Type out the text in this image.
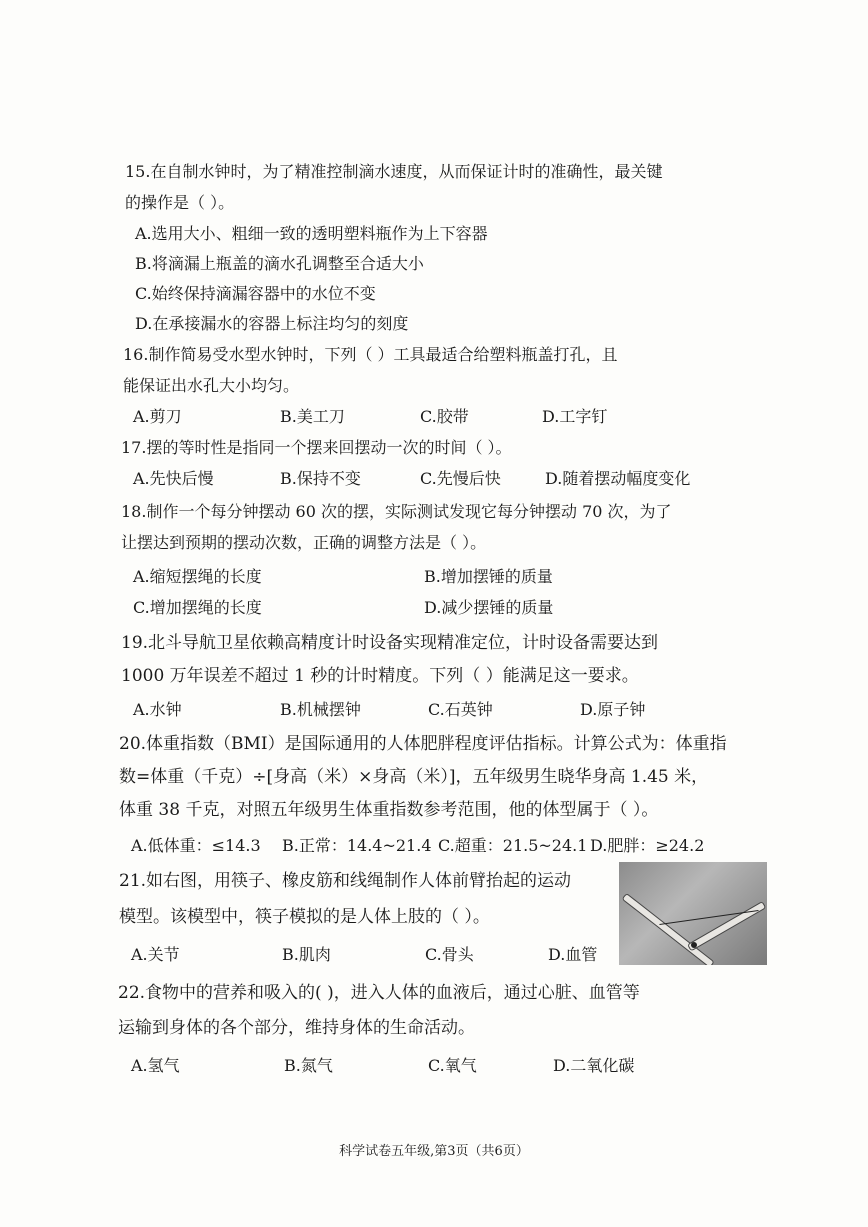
15.在自制水钟时，为了精准控制滴水速度，从而保证计时的准确性，最关键
的操作是（ ）。
A.选用大小、粗细一致的透明塑料瓶作为上下容器
B.将滴漏上瓶盖的滴水孔调整至合适大小
C.始终保持滴漏容器中的水位不变
D.在承接漏水的容器上标注均匀的刻度
16.制作简易受水型水钟时，下列（ ）工具最适合给塑料瓶盖打孔，且
能保证出水孔大小均匀。
A.剪刀	B.美工刀	C.胶带	D.工字钉
17.摆的等时性是指同一个摆来回摆动一次的时间（ ）。
A.先快后慢	B.保持不变	C.先慢后快	D.随着摆动幅度变化
18.制作一个每分钟摆动 60 次的摆，实际测试发现它每分钟摆动 70 次，为了
让摆达到预期的摆动次数，正确的调整方法是（ ）。
A.缩短摆绳的长度	B.增加摆锤的质量
C.增加摆绳的长度	D.减少摆锤的质量
19.北斗导航卫星依赖高精度计时设备实现精准定位，计时设备需要达到
1000 万年误差不超过 1 秒的计时精度。下列（ ）能满足这一要求。
A.水钟	B.机械摆钟	C.石英钟	D.原子钟
20.体重指数（BMI）是国际通用的人体肥胖程度评估指标。计算公式为：体重指
数=体重（千克）÷[身高（米）×身高（米）]，五年级男生晓华身高 1.45 米，
体重 38 千克，对照五年级男生体重指数参考范围，他的体型属于（ ）。
A.低体重：≤14.3 B.正常：14.4~21.4 C.超重：21.5~24.1 D.肥胖：≥24.2
21.如右图，用筷子、橡皮筋和线绳制作人体前臂抬起的运动
模型。该模型中，筷子模拟的是人体上肢的（ ）。
A.关节	B.肌肉	C.骨头	D.血管
22.食物中的营养和吸入的( )，进入人体的血液后，通过心脏、血管等
运输到身体的各个部分，维持身体的生命活动。
A.氢气	B.氮气	C.氧气	D.二氧化碳
科学试卷五年级,第3页（共6页）
